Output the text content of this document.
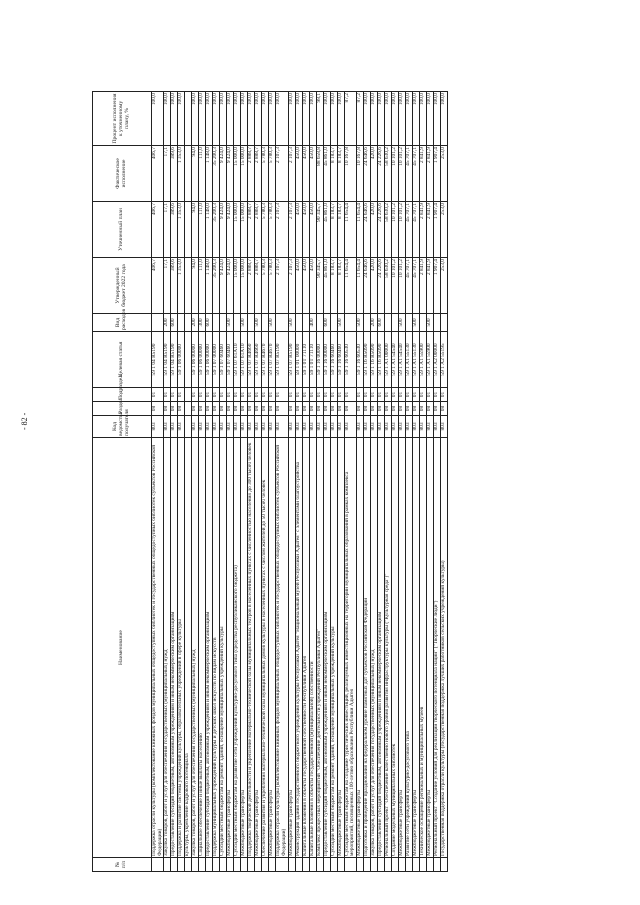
- 82 -
№ п/п	Наименование	Код ведомства получателя	Раздел	Подраздел	Целевая статья	Вид расходов	Утвержденный бюджет 2022 года	Уточненный план	Фактическое исполнение	Процент исполнения к уточненному плану, %
	Поддержка отрасли культуры (комплектование книжных фондов муниципальных общедоступных библиотек и государственных общедоступных библиотек субъектов Российской Федерации)	803	08	01	59 1 04 R5190		406,7	406,7	406,7	100,0
	Закупка товаров, работ и услуг для обеспечения государственных (муниципальных) нужд	803	08	01	59 1 04 R5190	200	17,1	17,1	17,1	100,0
	Предоставление субсидий бюджетным, автономным учреждениям и иным некоммерческим организациям	803	08	01	59 1 04 R5190	600	389,6	389,6	389,6	100,0
	Поддержка и развитие системы учреждений культуры, образовательных учреждений в сфере культуры	803	08	01	59 1 06 00000		1 353,0	1 353,0	1 353,0	100,0
	культуры, укрепление кадрового потенциала									
	Закупка товаров, работ и услуг для обеспечения государственных (муниципальных) нужд	803	08	01	59 1 06 00000	200	94,0	94,0	94,0	100,0
	Социальное обеспечение и иные выплаты населению	803	08	01	59 1 06 00000	300	111,0	111,0	111,0	100,0
	Предоставление субсидий бюджетным, автономным учреждениям и иным некоммерческим организациям	803	08	01	59 1 06 00000	600	1 148,0	1 148,0	1 148,0	100,0
	Поддержка муниципальных учреждений культуры и детских школ искусств по видам искусств	803	08	01	59 1 07 00000		35 200,3	35 200,3	35 200,3	100,0
	Субсидии местным бюджетам на ремонт зданий, оснащение муниципальных учреждений культуры	803	08	01	59 1 07 60460		9 424,0	9 424,0	9 424,0	100,0
	Межбюджетные трансферты	803	08	01	59 1 07 60460	500	9 424,0	9 424,0	9 424,0	100,0
	Субсидии местным бюджетам на развитие сети учреждений культурно-досугового типа (средства республиканского бюджета)	803	08	01	59 1 07 61А10		15 000,0	15 000,0	15 000,0	100,0
	Межбюджетные трансферты	803	08	01	59 1 07 61А10	500	15 000,0	15 000,0	15 000,0	100,0
	Поддержка творческой деятельности и укрепление материально-технической базы муниципальных театров в населенных пунктах с численностью населения до 300 тысяч человек	803	08	01	59 1 07 R4660		2 888,7	2 888,7	2 888,7	100,0
	Межбюджетные трансферты	803	08	01	59 1 07 R4660	500	2 888,7	2 888,7	2 888,7	100,0
	Обеспечение развития и укрепления материально-технической базы муниципальных домов культуры в населенных пунктах с числом жителей до 50 тысяч человек	803	08	01	59 1 07 R4670		5 780,3	5 780,3	5 780,3	100,0
	Межбюджетные трансферты	803	08	01	59 1 07 R4670	500	5 780,3	5 780,3	5 780,3	100,0
	Поддержка отрасли культуры (комплектование книжных фондов муниципальных общедоступных библиотек и государственных общедоступных библиотек субъектов Российской Федерации)	803	08	01	59 1 07 R5190		2 107,3	2 107,3	2 107,3	100,0
	Межбюджетные трансферты	803	08	01	59 1 07 R5190	500	2 107,3	2 107,3	2 107,3	100,0
	Реконструкция здания государственного бюджетного учреждения культуры Республики Адыгея "Национальный музей Республики Адыгея" с элементами благоустройства	803	08	01	59 1 0Т 00000		450,0	450,0	450,0	100,0
	Капитальные вложения в объекты государственной собственности Республики Адыгея	803	08	01	59 1 0Т 71110		450,0	450,0	450,0	100,0
	Капитальные вложения в объекты государственной (муниципальной) собственности	803	08	01	59 1 0Т 71110	400	450,0	450,0	450,0	100,0
	Комплекс процессных мероприятий "Обеспечение деятельности учреждений Республики Адыгея"	803	08	01	59 1 16 00000		90 345,7	90 345,7	88 658,8	98,1
	Предоставление субсидий бюджетным, автономным учреждениям и иным некоммерческим организациям	803	08	01	59 1 16 00000	600	45 861,0	45 861,0	45 861,0	100,0
	Субсидии местным бюджетам на ремонт зданий, оснащение муниципальных учреждений культуры	803	08	01	59 1 16 60460		8 183,7	8 183,7	8 183,7	100,0
	Межбюджетные трансферты	803	08	01	59 1 16 60460	500	8 183,7	8 183,7	8 183,7	100,0
	Субсидии местным бюджетам на создание туристических инвестиций, реализуемых инвестиционных на территории муниципальных образований в рамках комплекса мероприятий, посвященных 100-летию образования Республики Адыгея	803	08	01	59 1 16 60530		11 654,4	11 654,4	10 167,8	87,2
	Межбюджетные трансферты	803	08	01	59 1 16 60530	500	11 654,4	11 654,4	10 167,8	87,2
	Подготовка и проведение празднования на федеральном уровне памятных дат субъектов Российской Федерации	803	08	01	59 1 16 R5090		24 646,6	24 646,6	24 646,6	100,0
	Закупка товаров, работ и услуг для обеспечения государственных (муниципальных) нужд	803	08	01	59 1 16 R5090	200	420,0	420,0	420,0	100,0
	Предоставление субсидий бюджетным, автономным учреждениям и иным некоммерческим организациям	803	08	01	59 1 16 R5090	600	24 226,6	24 226,6	24 226,6	100,0
	Региональный проект "Обеспечение качественно нового уровня развития инфраструктуры культуры ("Культурная среда")"	803	08	01	59 1 А1 00000		58 630,2	58 630,2	58 630,2	100,0
	Создание модельных муниципальных библиотек	803	08	01	59 1 А1 54540		10 101,2	10 101,2	10 101,2	100,0
	Межбюджетные трансферты	803	08	01	59 1 А1 54540	500	10 101,2	10 101,2	10 101,2	100,0
	Развитие сети учреждений культурно-досугового типа	803	08	01	59 1 А1 55130		45 707,1	45 707,1	45 707,1	100,0
	Межбюджетные трансферты	803	08	01	59 1 А1 55130	500	45 707,1	45 707,1	45 707,1	100,0
	Техническое оснащение региональных и муниципальных музеев	803	08	01	59 1 А1 55900		2 841,9	2 841,9	2 841,9	100,0
	Межбюджетные трансферты	803	08	01	59 1 А1 55900	500	2 841,9	2 841,9	2 841,9	100,0
	Региональный проект "Создание условий для реализации творческого потенциала нации" ("Творческие люди")	803	08	01	59 1 А2 00000		1 907,4	1 907,4	1 907,4	100,0
	Государственная поддержка отрасли культуры (государственная поддержка лучших работников сельских учреждений культуры)	803	08	01	59 1 А2 55195		253,0	253,0	253,0	100,0
